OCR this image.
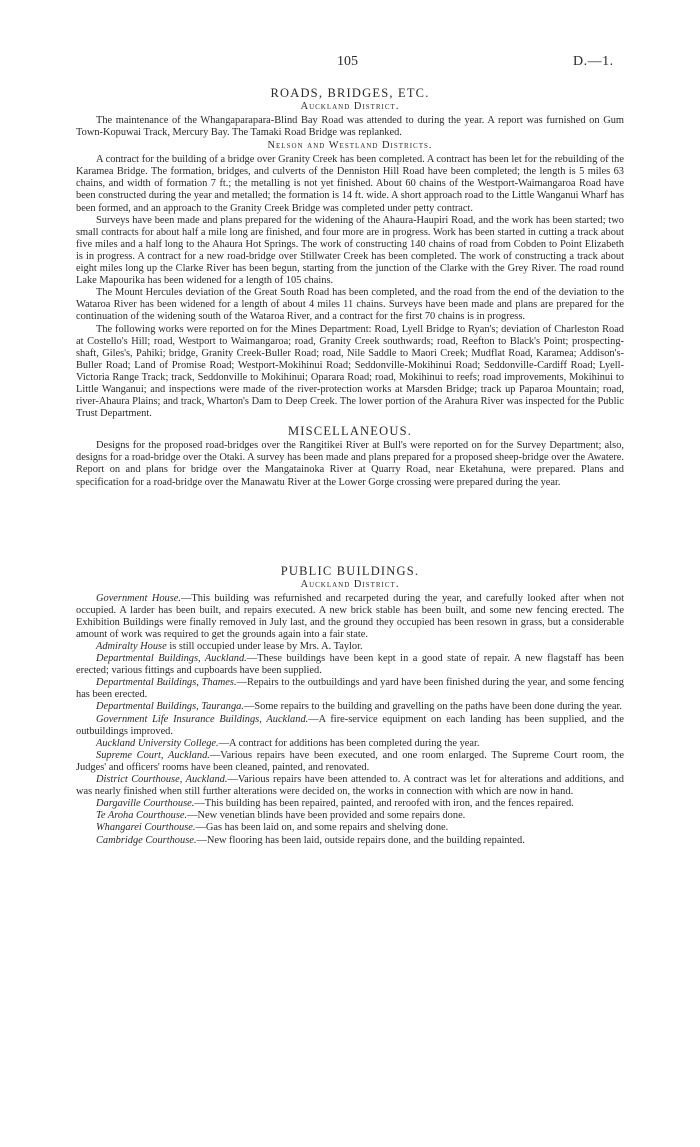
105	D.—1.
ROADS, BRIDGES, ETC.
Auckland District.

The maintenance of the Whangaparapara-Blind Bay Road was attended to during the year. A report was furnished on Gum Town-Kopuwai Track, Mercury Bay. The Tamaki Road Bridge was replanked.

Nelson and Westland Districts.

A contract for the building of a bridge over Granity Creek has been completed. A contract has been let for the rebuilding of the Karamea Bridge. The formation, bridges, and culverts of the Denniston Hill Road have been completed; the length is 5 miles 63 chains, and width of formation 7 ft.; the metalling is not yet finished. About 60 chains of the Westport-Waimangaroa Road have been constructed during the year and metalled; the formation is 14 ft. wide. A short approach road to the Little Wanganui Wharf has been formed, and an approach to the Granity Creek Bridge was completed under petty contract.

Surveys have been made and plans prepared for the widening of the Ahaura-Haupiri Road, and the work has been started; two small contracts for about half a mile long are finished, and four more are in progress. Work has been started in cutting a track about five miles and a half long to the Ahaura Hot Springs. The work of constructing 140 chains of road from Cobden to Point Elizabeth is in progress. A contract for a new road-bridge over Stillwater Creek has been completed. The work of constructing a track about eight miles long up the Clarke River has been begun, starting from the junction of the Clarke with the Grey River. The road round Lake Mapourika has been widened for a length of 105 chains.

The Mount Hercules deviation of the Great South Road has been completed, and the road from the end of the deviation to the Wataroa River has been widened for a length of about 4 miles 11 chains. Surveys have been made and plans are prepared for the continuation of the widening south of the Wataroa River, and a contract for the first 70 chains is in progress.

The following works were reported on for the Mines Department: Road, Lyell Bridge to Ryan's; deviation of Charleston Road at Costello's Hill; road, Westport to Waimangaroa; road, Granity Creek southwards; road, Reefton to Black's Point; prospecting-shaft, Giles's, Pahiki; bridge, Granity Creek-Buller Road; road, Nile Saddle to Maori Creek; Mudflat Road, Karamea; Addison's-Buller Road; Land of Promise Road; Westport-Mokihinui Road; Seddonville-Mokihinui Road; Seddonville-Cardiff Road; Lyell-Victoria Range Track; track, Seddonville to Mokihinui; Oparara Road; road, Mokihinui to reefs; road improvements, Mokihinui to Little Wanganui; and inspections were made of the river-protection works at Marsden Bridge; track up Paparoa Mountain; road, river-Ahaura Plains; and track, Wharton's Dam to Deep Creek. The lower portion of the Arahura River was inspected for the Public Trust Department.

MISCELLANEOUS.

Designs for the proposed road-bridges over the Rangitikei River at Bull's were reported on for the Survey Department; also, designs for a road-bridge over the Otaki. A survey has been made and plans prepared for a proposed sheep-bridge over the Awatere. Report on and plans for bridge over the Mangatainoka River at Quarry Road, near Eketahuna, were prepared. Plans and specification for a road-bridge over the Manawatu River at the Lower Gorge crossing were prepared during the year.

PUBLIC BUILDINGS.
Auckland District.

Government House.—This building was refurnished and recarpeted during the year, and carefully looked after when not occupied. A larder has been built, and repairs executed. A new brick stable has been built, and some new fencing erected. The Exhibition Buildings were finally removed in July last, and the ground they occupied has been resown in grass, but a considerable amount of work was required to get the grounds again into a fair state.

Admiralty House is still occupied under lease by Mrs. A. Taylor.

Departmental Buildings, Auckland.—These buildings have been kept in a good state of repair. A new flagstaff has been erected; various fittings and cupboards have been supplied.

Departmental Buildings, Thames.—Repairs to the outbuildings and yard have been finished during the year, and some fencing has been erected.

Departmental Buildings, Tauranga.—Some repairs to the building and gravelling on the paths have been done during the year.

Government Life Insurance Buildings, Auckland.—A fire-service equipment on each landing has been supplied, and the outbuildings improved.

Auckland University College.—A contract for additions has been completed during the year.

Supreme Court, Auckland.—Various repairs have been executed, and one room enlarged. The Supreme Court room, the Judges' and officers' rooms have been cleaned, painted, and renovated.

District Courthouse, Auckland.—Various repairs have been attended to. A contract was let for alterations and additions, and was nearly finished when still further alterations were decided on, the works in connection with which are now in hand.

Dargaville Courthouse.—This building has been repaired, painted, and reroofed with iron, and the fences repaired.

Te Aroha Courthouse.—New venetian blinds have been provided and some repairs done.

Whangarei Courthouse.—Gas has been laid on, and some repairs and shelving done.

Cambridge Courthouse.—New flooring has been laid, outside repairs done, and the building repainted.
